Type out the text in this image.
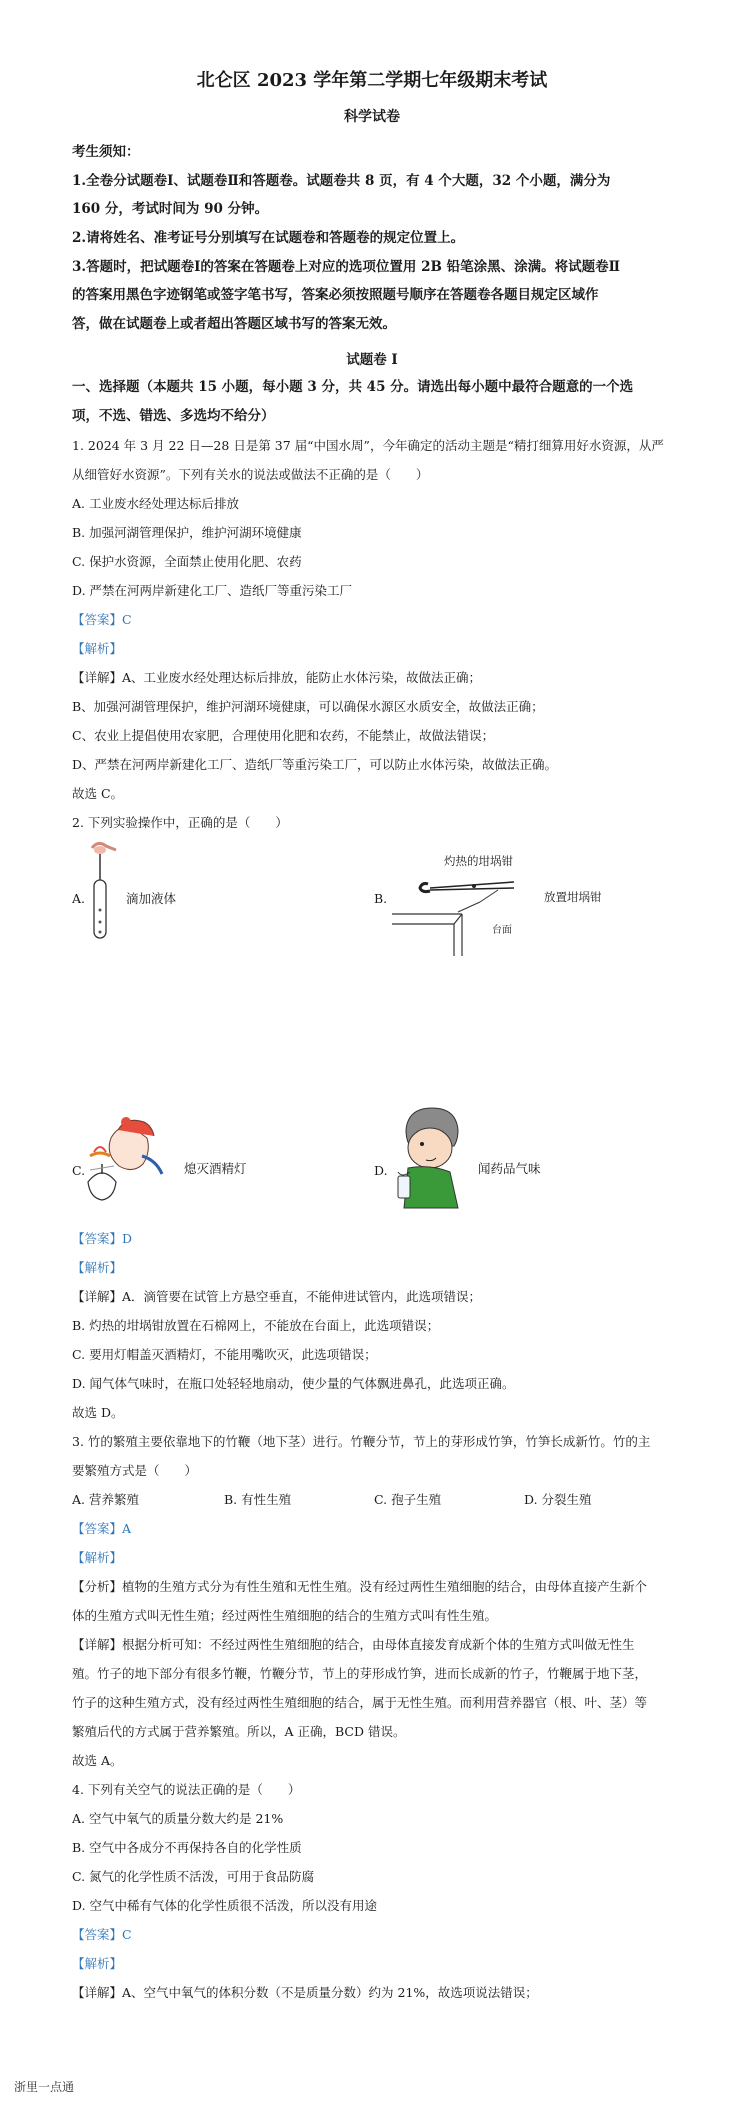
北仑区 2023 学年第二学期七年级期末考试
科学试卷
考生须知：
1.全卷分试题卷Ⅰ、试题卷Ⅱ和答题卷。试题卷共 8 页，有 4 个大题，32 个小题，满分为
160 分，考试时间为 90 分钟。
2.请将姓名、准考证号分别填写在试题卷和答题卷的规定位置上。
3.答题时，把试题卷Ⅰ的答案在答题卷上对应的选项位置用 2B 铅笔涂黑、涂满。将试题卷Ⅱ
的答案用黑色字迹钢笔或签字笔书写，答案必须按照题号顺序在答题卷各题目规定区域作
答，做在试题卷上或者超出答题区域书写的答案无效。
试题卷 I
一、选择题（本题共 15 小题，每小题 3 分，共 45 分。请选出每小题中最符合题意的一个选
项，不选、错选、多选均不给分）
1. 2024 年 3 月 22 日—28 日是第 37 届“中国水周”，今年确定的活动主题是“精打细算用好水资源，从严
从细管好水资源”。下列有关水的说法或做法不正确的是（　　）
A. 工业废水经处理达标后排放
B. 加强河湖管理保护，维护河湖环境健康
C. 保护水资源，全面禁止使用化肥、农药
D. 严禁在河两岸新建化工厂、造纸厂等重污染工厂
【答案】C
【解析】
【详解】A、工业废水经处理达标后排放，能防止水体污染，故做法正确；
B、加强河湖管理保护，维护河湖环境健康，可以确保水源区水质安全，故做法正确；
C、农业上提倡使用农家肥，合理使用化肥和农药，不能禁止，故做法错误；
D、严禁在河两岸新建化工厂、造纸厂等重污染工厂，可以防止水体污染，故做法正确。
故选 C。
2. 下列实验操作中，正确的是（　　）
A.	滴加液体	B.
灼热的坩埚钳
放置坩埚钳
台面
C.	熄灭酒精灯	D.	闻药品气味
【答案】D
【解析】
【详解】A．滴管要在试管上方悬空垂直，不能伸进试管内，此选项错误；
B. 灼热的坩埚钳放置在石棉网上，不能放在台面上，此选项错误；
C. 要用灯帽盖灭酒精灯，不能用嘴吹灭，此选项错误；
D. 闻气体气味时，在瓶口处轻轻地扇动，使少量的气体飘进鼻孔，此选项正确。
故选 D。
3. 竹的繁殖主要依靠地下的竹鞭（地下茎）进行。竹鞭分节，节上的芽形成竹笋，竹笋长成新竹。竹的主
要繁殖方式是（　　）
A. 营养繁殖	B. 有性生殖	C. 孢子生殖	D. 分裂生殖
【答案】A
【解析】
【分析】植物的生殖方式分为有性生殖和无性生殖。没有经过两性生殖细胞的结合，由母体直接产生新个
体的生殖方式叫无性生殖；经过两性生殖细胞的结合的生殖方式叫有性生殖。
【详解】根据分析可知：不经过两性生殖细胞的结合，由母体直接发育成新个体的生殖方式叫做无性生
殖。竹子的地下部分有很多竹鞭，竹鞭分节，节上的芽形成竹笋，进而长成新的竹子，竹鞭属于地下茎，
竹子的这种生殖方式，没有经过两性生殖细胞的结合，属于无性生殖。而利用营养器官（根、叶、茎）等
繁殖后代的方式属于营养繁殖。所以，A 正确，BCD 错误。
故选 A。
4. 下列有关空气的说法正确的是（　　）
A. 空气中氧气的质量分数大约是 21%
B. 空气中各成分不再保持各自的化学性质
C. 氮气的化学性质不活泼，可用于食品防腐
D. 空气中稀有气体的化学性质很不活泼，所以没有用途
【答案】C
【解析】
【详解】A、空气中氧气的体积分数（不是质量分数）约为 21%，故选项说法错误；
浙里一点通
